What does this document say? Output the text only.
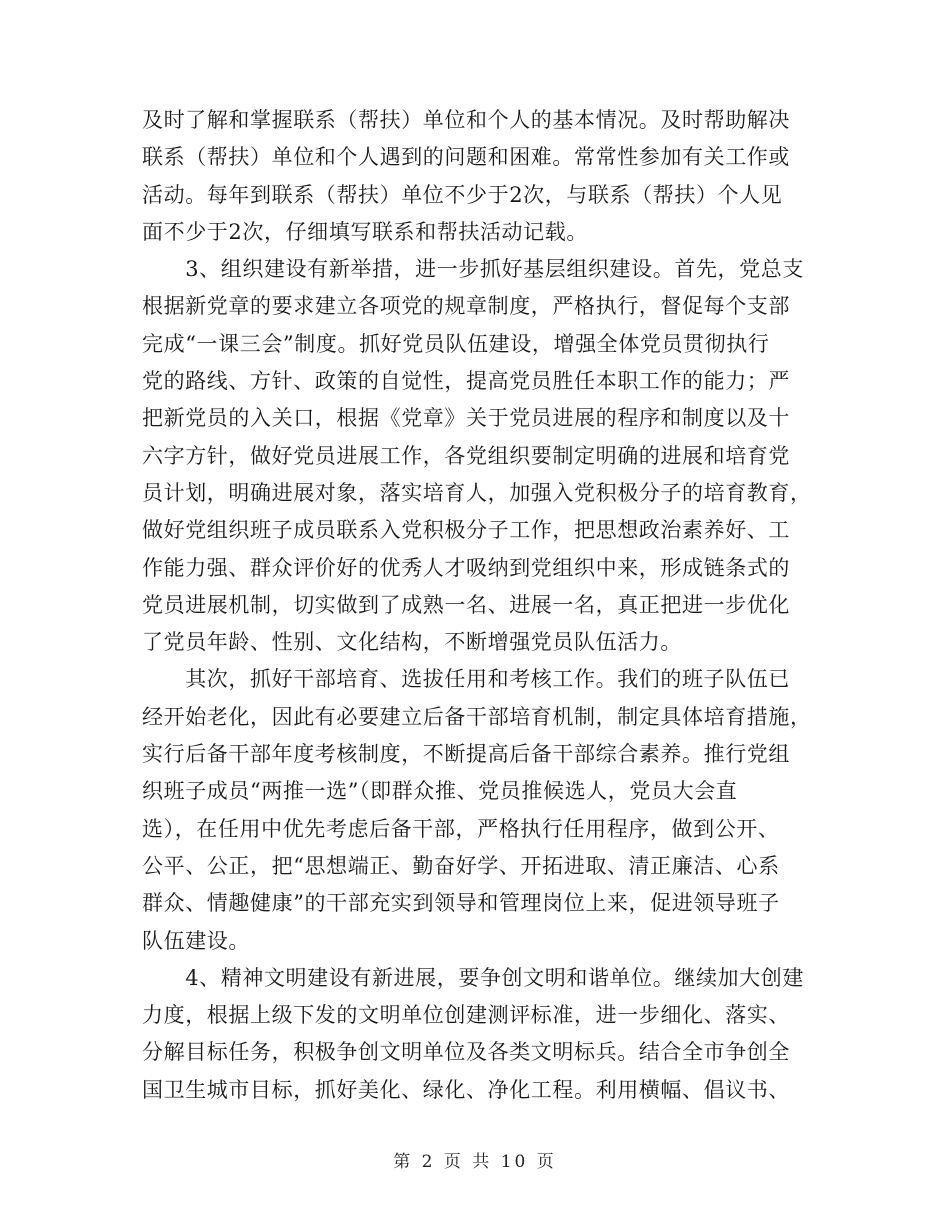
及时了解和掌握联系（帮扶）单位和个人的基本情况。及时帮助解决
联系（帮扶）单位和个人遇到的问题和困难。常常性参加有关工作或
活动。每年到联系（帮扶）单位不少于2次，与联系（帮扶）个人见
面不少于2次，仔细填写联系和帮扶活动记载。

　　3、组织建设有新举措，进一步抓好基层组织建设。首先，党总支
根据新党章的要求建立各项党的规章制度，严格执行，督促每个支部
完成“一课三会”制度。抓好党员队伍建设，增强全体党员贯彻执行
党的路线、方针、政策的自觉性，提高党员胜任本职工作的能力；严
把新党员的入关口，根据《党章》关于党员进展的程序和制度以及十
六字方针，做好党员进展工作，各党组织要制定明确的进展和培育党
员计划，明确进展对象，落实培育人，加强入党积极分子的培育教育，
做好党组织班子成员联系入党积极分子工作，把思想政治素养好、工
作能力强、群众评价好的优秀人才吸纳到党组织中来，形成链条式的
党员进展机制，切实做到了成熟一名、进展一名，真正把进一步优化
了党员年龄、性别、文化结构，不断增强党员队伍活力。

　　其次，抓好干部培育、选拔任用和考核工作。我们的班子队伍已
经开始老化，因此有必要建立后备干部培育机制，制定具体培育措施，
实行后备干部年度考核制度，不断提高后备干部综合素养。推行党组
织班子成员“两推一选”（即群众推、党员推候选人，党员大会直
选），在任用中优先考虑后备干部，严格执行任用程序，做到公开、
公平、公正，把“思想端正、勤奋好学、开拓进取、清正廉洁、心系
群众、情趣健康”的干部充实到领导和管理岗位上来，促进领导班子
队伍建设。

　　4、精神文明建设有新进展，要争创文明和谐单位。继续加大创建
力度，根据上级下发的文明单位创建测评标准，进一步细化、落实、
分解目标任务，积极争创文明单位及各类文明标兵。结合全市争创全
国卫生城市目标，抓好美化、绿化、净化工程。利用横幅、倡议书、

第 2 页 共 10 页
